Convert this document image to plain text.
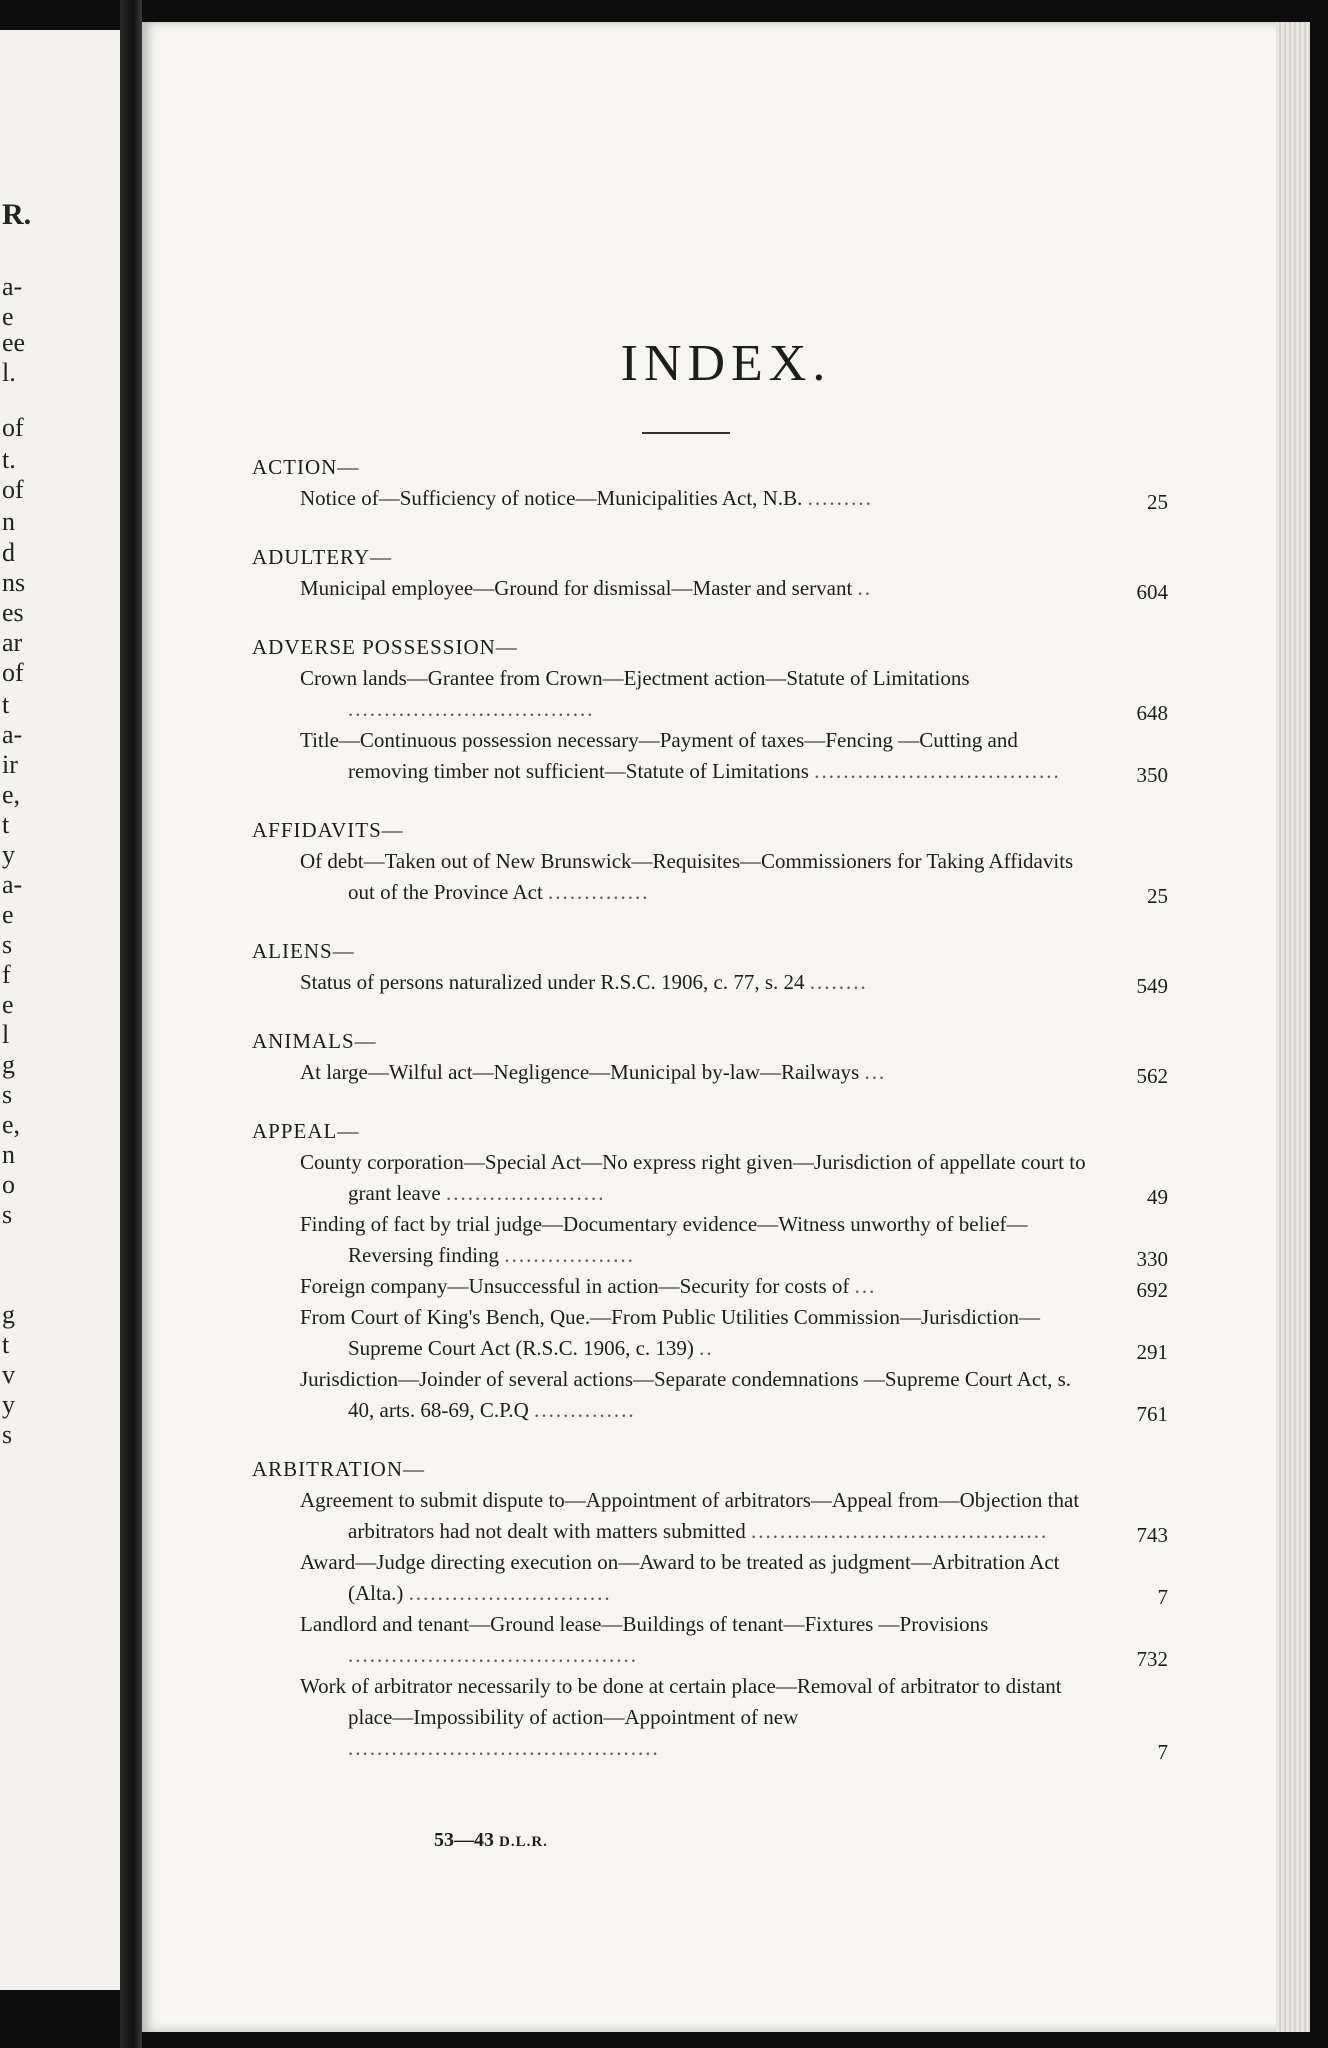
R.
a-
e
ee
l.
of
t.
of
n
d
ns
es
ar
of
t
a-
ir
e,
t
y
a-
e
s
f
e
l
g
s
e,
n
o
s
g
t
v
y
s
INDEX.
ACTION—
Notice of—Sufficiency of notice—Municipalities Act, N.B. .........	25
ADULTERY—
Municipal employee—Ground for dismissal—Master and servant ..	604
ADVERSE POSSESSION—
Crown lands—Grantee from Crown—Ejectment action—Statute of Limitations ..................................	648
Title—Continuous possession necessary—Payment of taxes—Fencing —Cutting and removing timber not sufficient—Statute of Limitations ..................................	350
AFFIDAVITS—
Of debt—Taken out of New Brunswick—Requisites—Commissioners for Taking Affidavits out of the Province Act ..............	25
ALIENS—
Status of persons naturalized under R.S.C. 1906, c. 77, s. 24 ........	549
ANIMALS—
At large—Wilful act—Negligence—Municipal by-law—Railways ...	562
APPEAL—
County corporation—Special Act—No express right given—Jurisdiction of appellate court to grant leave ......................	49
Finding of fact by trial judge—Documentary evidence—Witness unworthy of belief—Reversing finding ..................	330
Foreign company—Unsuccessful in action—Security for costs of ...	692
From Court of King's Bench, Que.—From Public Utilities Commission—Jurisdiction—Supreme Court Act (R.S.C. 1906, c. 139) ..	291
Jurisdiction—Joinder of several actions—Separate condemnations —Supreme Court Act, s. 40, arts. 68-69, C.P.Q ..............	761
ARBITRATION—
Agreement to submit dispute to—Appointment of arbitrators—Appeal from—Objection that arbitrators had not dealt with matters submitted .........................................	743
Award—Judge directing execution on—Award to be treated as judgment—Arbitration Act (Alta.) ............................	7
Landlord and tenant—Ground lease—Buildings of tenant—Fixtures —Provisions ........................................	732
Work of arbitrator necessarily to be done at certain place—Removal of arbitrator to distant place—Impossibility of action—Appointment of new ...........................................	7
53—43 D.L.R.
